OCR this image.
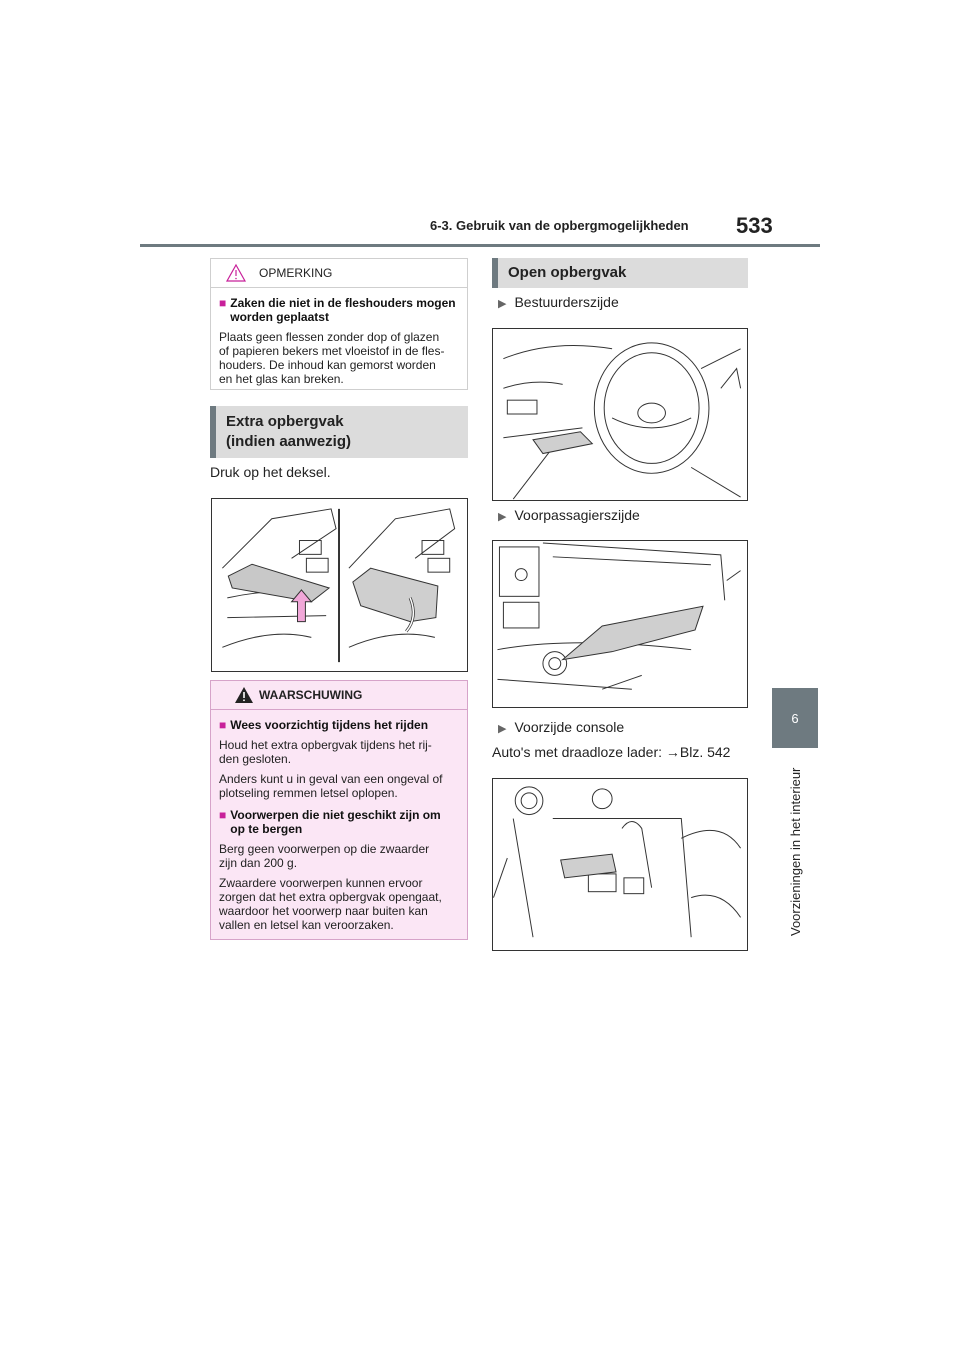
6-3. Gebruik van de opbergmogelijkheden 533
6
Voorzieningen in het interieur
OPMERKING
■ Zaken die niet in de fleshouders mogen worden geplaatst

Plaats geen flessen zonder dop of glazen
of papieren bekers met vloeistof in de fles-
houders. De inhoud kan gemorst worden
en het glas kan breken.

Extra opbergvak
(indien aanwezig)
Druk op het deksel.
WAARSCHUWING
■ Wees voorzichtig tijdens het rijden

Houd het extra opbergvak tijdens het rij-
den gesloten.

Anders kunt u in geval van een ongeval of
plotseling remmen letsel oplopen.

■ Voorwerpen die niet geschikt zijn om
op te bergen

Berg geen voorwerpen op die zwaarder
zijn dan 200 g.

Zwaardere voorwerpen kunnen ervoor
zorgen dat het extra opbergvak opengaat,
waardoor het voorwerp naar buiten kan
vallen en letsel kan veroorzaken.

Open opbergvak
▶ Bestuurderszijde
▶ Voorpassagierszijde
▶ Voorzijde console
Auto's met draadloze lader: →Blz. 542
